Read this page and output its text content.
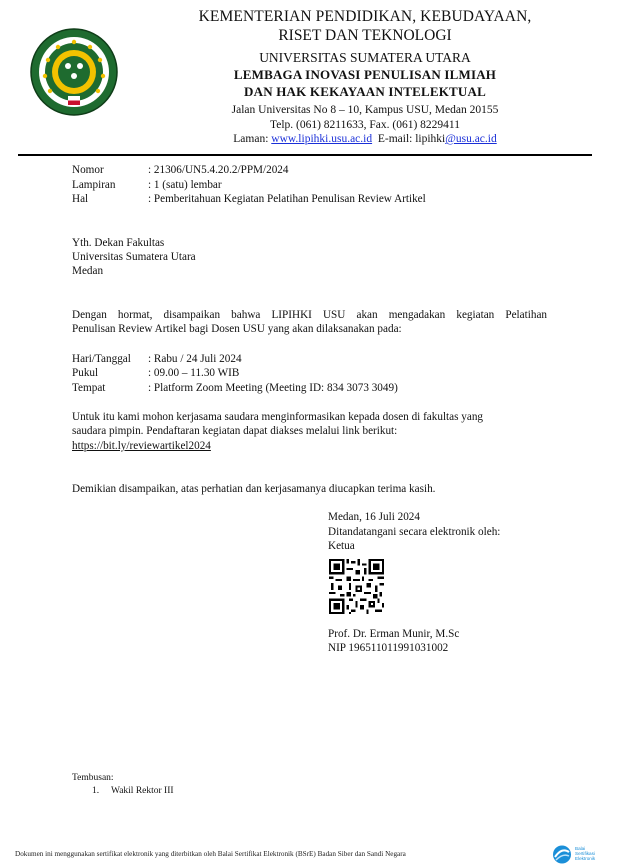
KEMENTERIAN PENDIDIKAN, KEBUDAYAAN,
RISET DAN TEKNOLOGI
UNIVERSITAS SUMATERA UTARA
LEMBAGA INOVASI PENULISAN ILMIAH
DAN HAK KEKAYAAN INTELEKTUAL
Jalan Universitas No 8 – 10, Kampus USU, Medan 20155
Telp. (061) 8211633, Fax. (061) 8229411
Laman: www.lipihki.usu.ac.id  E-mail: lipihki@usu.ac.id
Nomor	: 21306/UN5.4.20.2/PPM/2024
Lampiran	: 1 (satu) lembar
Hal	: Pemberitahuan Kegiatan Pelatihan Penulisan Review Artikel
Yth. Dekan Fakultas
Universitas Sumatera Utara
Medan
Dengan hormat, disampaikan bahwa LIPIHKI USU akan mengadakan kegiatan Pelatihan
Penulisan Review Artikel bagi Dosen USU yang akan dilaksanakan pada:
Hari/Tanggal : Rabu / 24 Juli 2024
Pukul	: 09.00 – 11.30 WIB
Tempat	: Platform Zoom Meeting (Meeting ID: 834 3073 3049)
Untuk itu kami mohon kerjasama saudara menginformasikan kepada dosen di fakultas yang
saudara pimpin. Pendaftaran kegiatan dapat diakses melalui link berikut:
https://bit.ly/reviewartikel2024
Demikian disampaikan, atas perhatian dan kerjasamanya diucapkan terima kasih.
Medan, 16 Juli 2024
Ditandatangani secara elektronik oleh:
Ketua
Prof. Dr. Erman Munir, M.Sc
NIP 196511011991031002
Tembusan:
1. Wakil Rektor III
Dokumen ini menggunakan sertifikat elektronik yang diterbitkan oleh Balai Sertifikat Elektronik (BSrE) Badan Siber dan Sandi Negara
Balai
Sertifikasi
Elektronik
